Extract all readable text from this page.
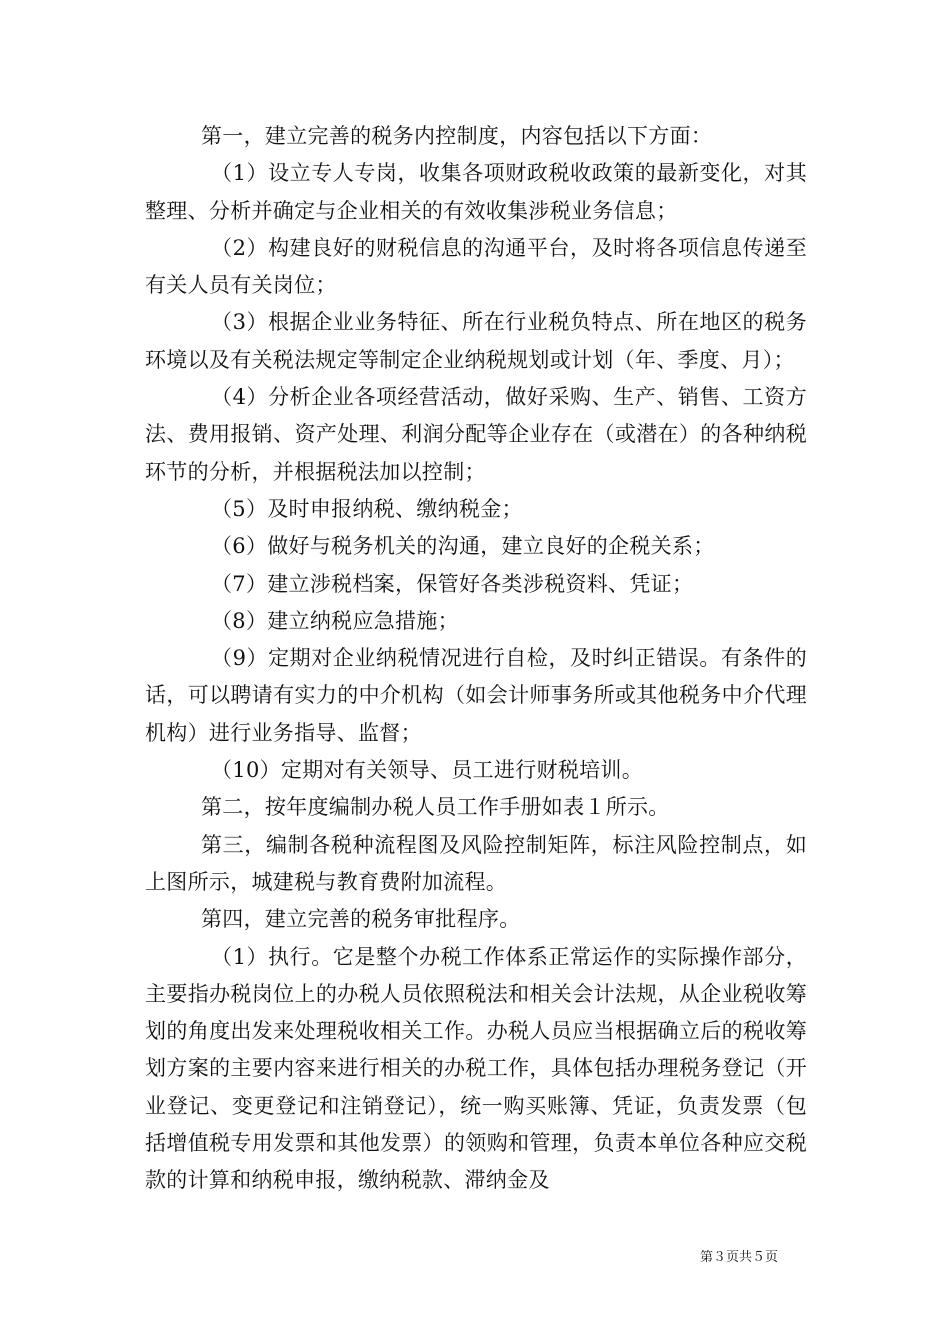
第一，建立完善的税务内控制度，内容包括以下方面：

（1）设立专人专岗，收集各项财政税收政策的最新变化，对其整理、分析并确定与企业相关的有效收集涉税业务信息；

（2）构建良好的财税信息的沟通平台，及时将各项信息传递至有关人员有关岗位；

（3）根据企业业务特征、所在行业税负特点、所在地区的税务环境以及有关税法规定等制定企业纳税规划或计划（年、季度、月）；

（4）分析企业各项经营活动，做好采购、生产、销售、工资方法、费用报销、资产处理、利润分配等企业存在（或潜在）的各种纳税环节的分析，并根据税法加以控制；

（5）及时申报纳税、缴纳税金；

（6）做好与税务机关的沟通，建立良好的企税关系；

（7）建立涉税档案，保管好各类涉税资料、凭证；

（8）建立纳税应急措施；

（9）定期对企业纳税情况进行自检，及时纠正错误。有条件的话，可以聘请有实力的中介机构（如会计师事务所或其他税务中介代理机构）进行业务指导、监督；

（10）定期对有关领导、员工进行财税培训。

第二，按年度编制办税人员工作手册如表１所示。

第三，编制各税种流程图及风险控制矩阵，标注风险控制点，如上图所示，城建税与教育费附加流程。

第四，建立完善的税务审批程序。

（1）执行。它是整个办税工作体系正常运作的实际操作部分，主要指办税岗位上的办税人员依照税法和相关会计法规，从企业税收筹划的角度出发来处理税收相关工作。办税人员应当根据确立后的税收筹划方案的主要内容来进行相关的办税工作，具体包括办理税务登记（开业登记、变更登记和注销登记），统一购买账簿、凭证，负责发票（包括增值税专用发票和其他发票）的领购和管理，负责本单位各种应交税款的计算和纳税申报，缴纳税款、滞纳金及

第３页共５页
